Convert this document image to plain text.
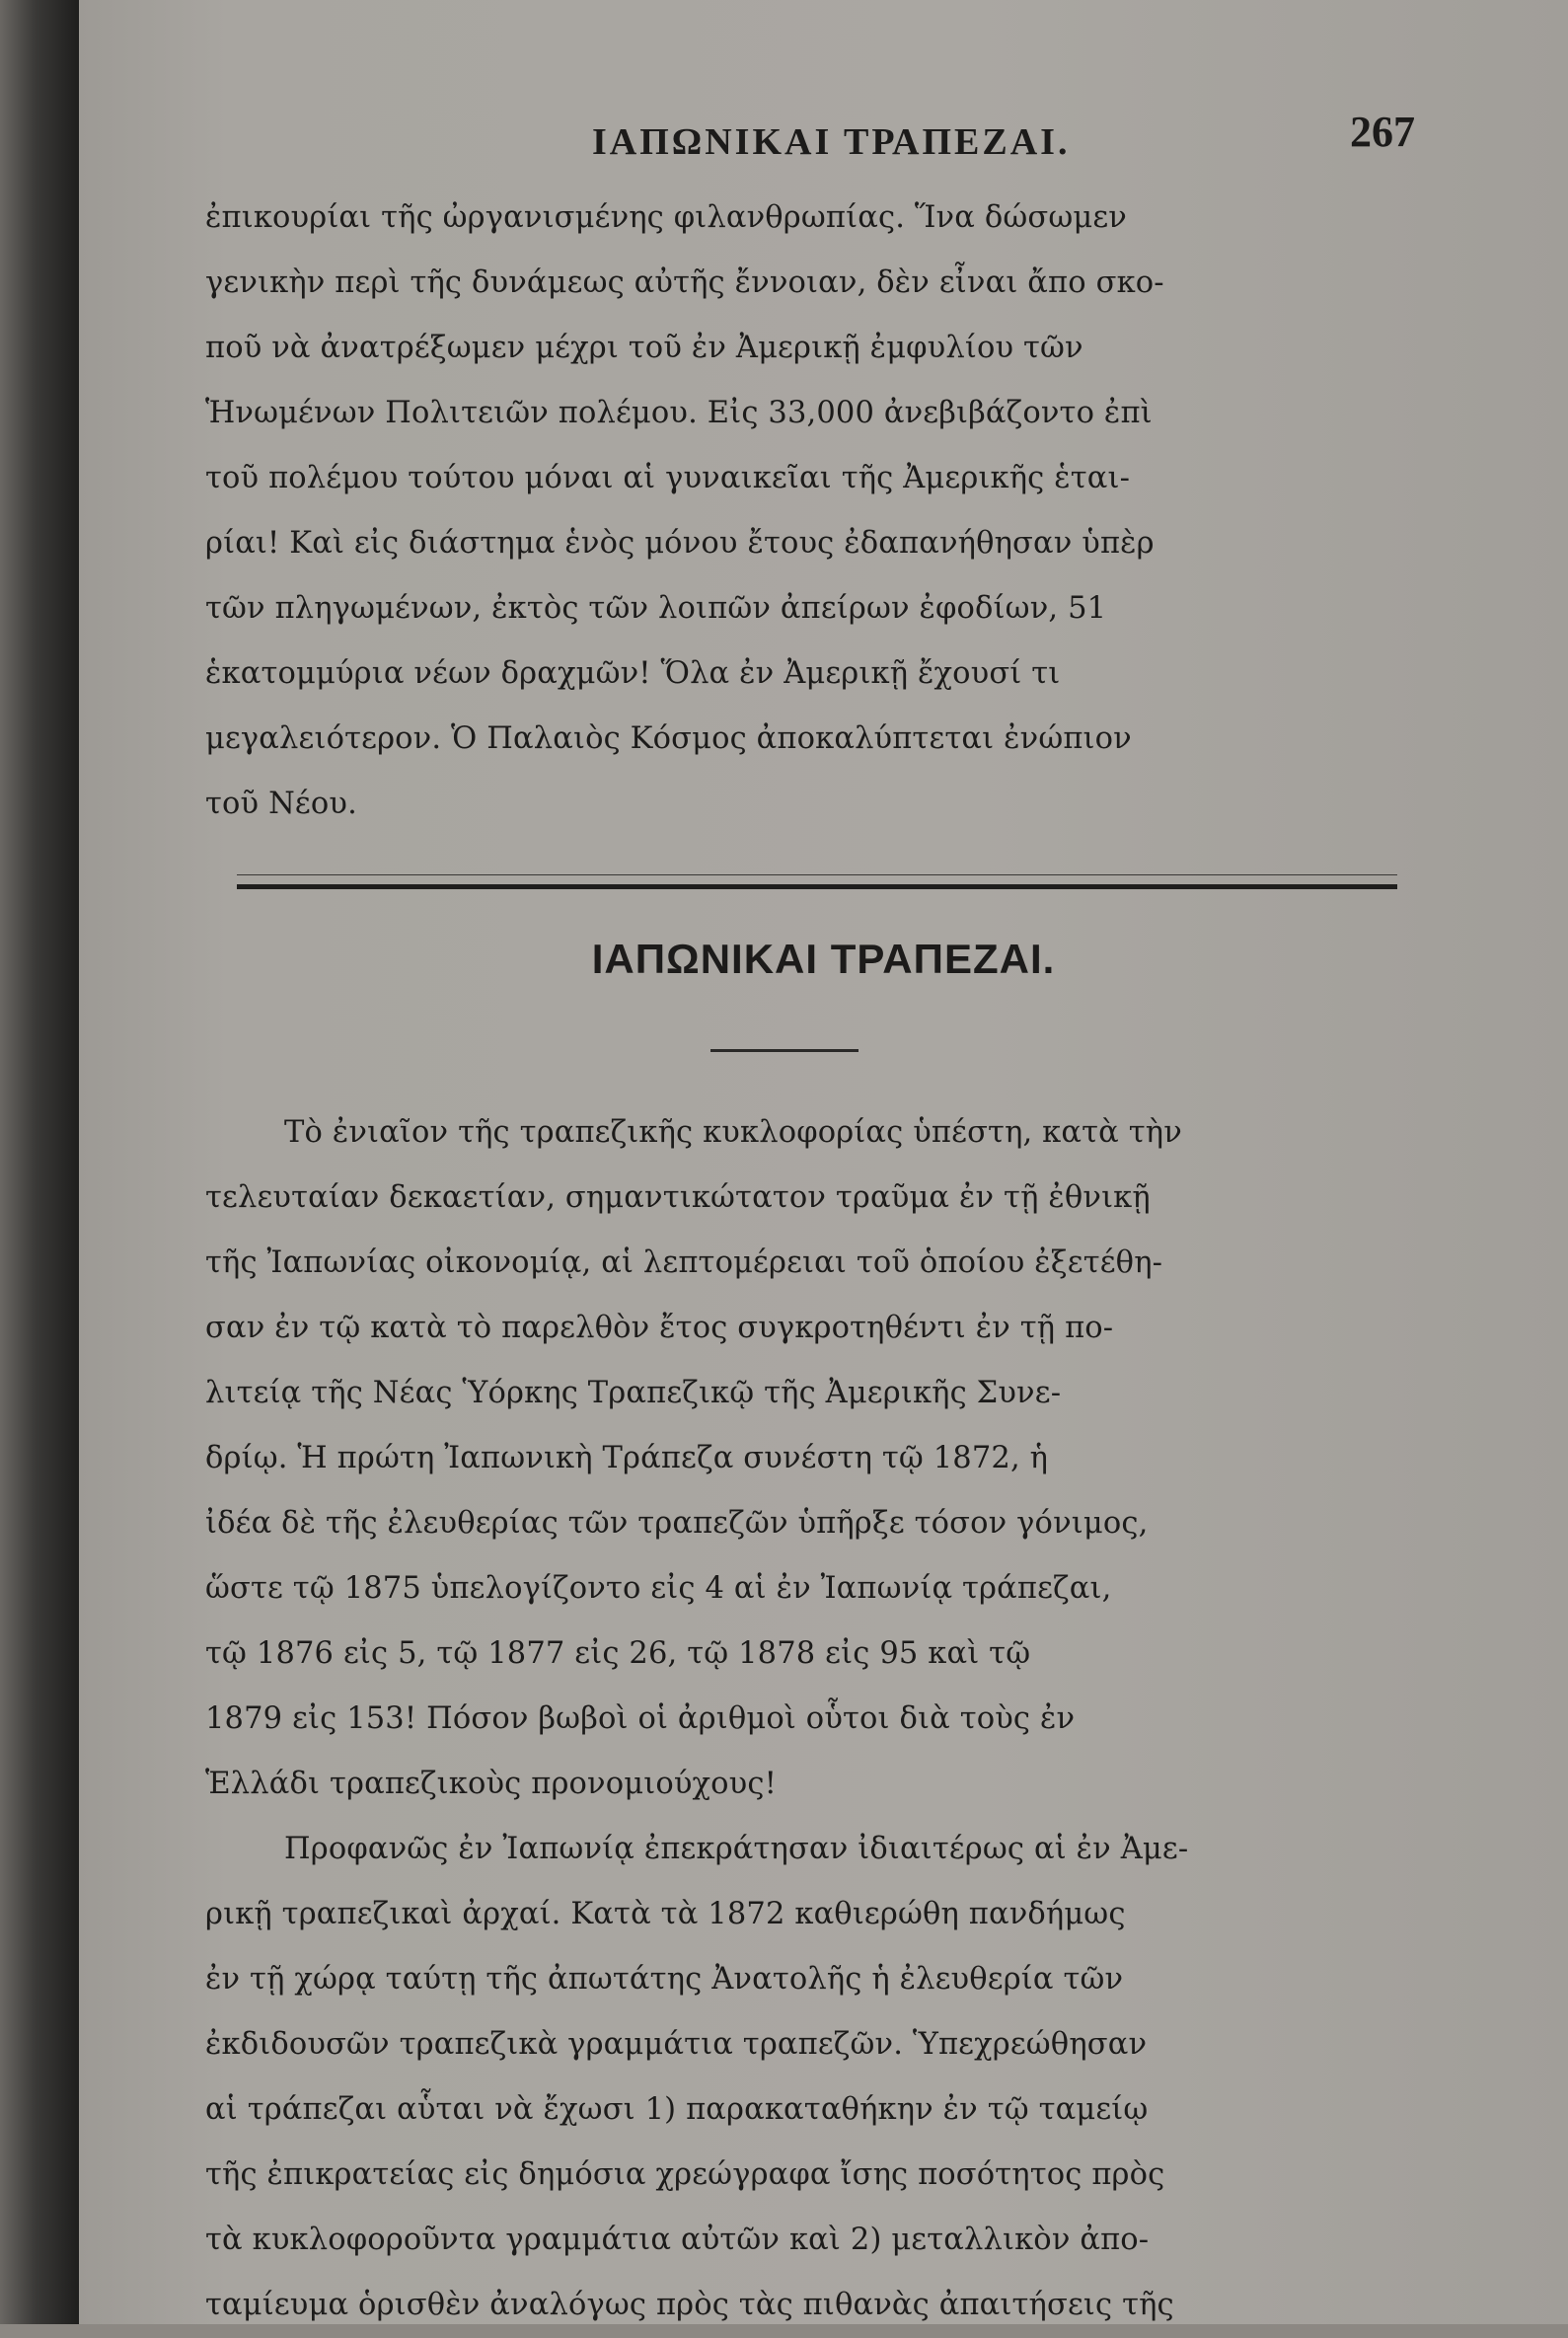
ΙΑΠΩΝΙΚΑΙ ΤΡΑΠΕΖΑΙ.	267
ἐπικουρίαι τῆς ὠργανισμένης φιλανθρωπίας. Ἵνα δώσωμεν
γενικὴν περὶ τῆς δυνάμεως αὐτῆς ἔννοιαν, δὲν εἶναι ἄπο σκο-
ποῦ νὰ ἀνατρέξωμεν μέχρι τοῦ ἐν Ἀμερικῇ ἐμφυλίου τῶν
Ἡνωμένων Πολιτειῶν πολέμου. Εἰς 33,000 ἀνεβιβάζοντο ἐπὶ
τοῦ πολέμου τούτου μόναι αἱ γυναικεῖαι τῆς Ἀμερικῆς ἑται-
ρίαι! Καὶ εἰς διάστημα ἑνὸς μόνου ἔτους ἐδαπανήθησαν ὑπὲρ
τῶν πληγωμένων, ἐκτὸς τῶν λοιπῶν ἀπείρων ἐφοδίων, 51
ἑκατομμύρια νέων δραχμῶν! Ὅλα ἐν Ἀμερικῇ ἔχουσί τι
μεγαλειότερον. Ὁ Παλαιὸς Κόσμος ἀποκαλύπτεται ἐνώπιον
τοῦ Νέου.
ΙΑΠΩΝΙΚΑΙ ΤΡΑΠΕΖΑΙ.
Τὸ ἐνιαῖον τῆς τραπεζικῆς κυκλοφορίας ὑπέστη, κατὰ τὴν
τελευταίαν δεκαετίαν, σημαντικώτατον τραῦμα ἐν τῇ ἐθνικῇ
τῆς Ἰαπωνίας οἰκονομίᾳ, αἱ λεπτομέρειαι τοῦ ὁποίου ἐξετέθη-
σαν ἐν τῷ κατὰ τὸ παρελθὸν ἔτος συγκροτηθέντι ἐν τῇ πο-
λιτείᾳ τῆς Νέας Ὑόρκης Τραπεζικῷ τῆς Ἀμερικῆς Συνε-
δρίῳ. Ἡ πρώτη Ἰαπωνικὴ Τράπεζα συνέστη τῷ 1872, ἡ
ἰδέα δὲ τῆς ἐλευθερίας τῶν τραπεζῶν ὑπῆρξε τόσον γόνιμος,
ὥστε τῷ 1875 ὑπελογίζοντο εἰς 4 αἱ ἐν Ἰαπωνίᾳ τράπεζαι,
τῷ 1876 εἰς 5, τῷ 1877 εἰς 26, τῷ 1878 εἰς 95 καὶ τῷ
1879 εἰς 153! Πόσον βωβοὶ οἱ ἀριθμοὶ οὗτοι διὰ τοὺς ἐν
Ἑλλάδι τραπεζικοὺς προνομιούχους!
Προφανῶς ἐν Ἰαπωνίᾳ ἐπεκράτησαν ἰδιαιτέρως αἱ ἐν Ἀμε-
ρικῇ τραπεζικαὶ ἀρχαί. Κατὰ τὰ 1872 καθιερώθη πανδήμως
ἐν τῇ χώρᾳ ταύτῃ τῆς ἀπωτάτης Ἀνατολῆς ἡ ἐλευθερία τῶν
ἐκδιδουσῶν τραπεζικὰ γραμμάτια τραπεζῶν. Ὑπεχρεώθησαν
αἱ τράπεζαι αὗται νὰ ἔχωσι 1) παρακαταθήκην ἐν τῷ ταμείῳ
τῆς ἐπικρατείας εἰς δημόσια χρεώγραφα ἴσης ποσότητος πρὸς
τὰ κυκλοφοροῦντα γραμμάτια αὐτῶν καὶ 2) μεταλλικὸν ἀπο-
ταμίευμα ὁρισθὲν ἀναλόγως πρὸς τὰς πιθανὰς ἀπαιτήσεις τῆς
